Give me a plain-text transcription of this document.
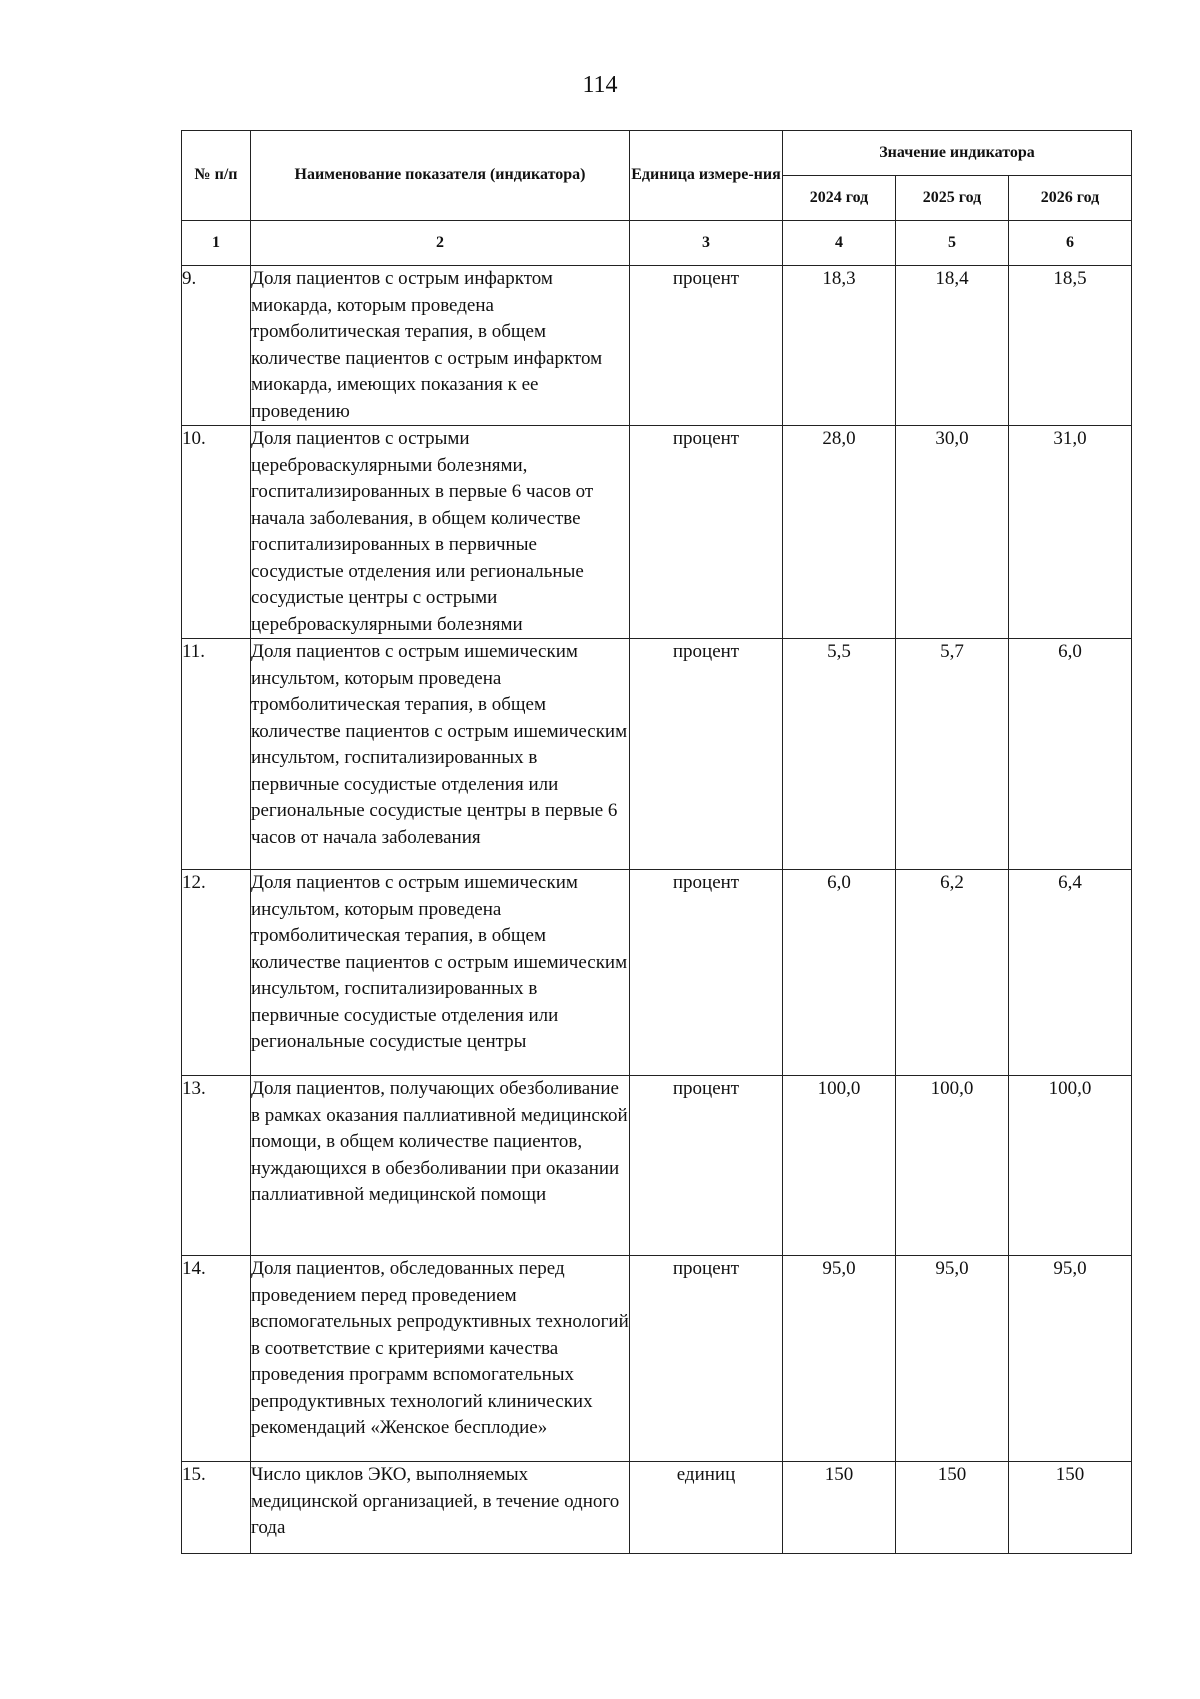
114
№ п/п	Наименование показателя (индикатора)	Единица измере-ния	Значение индикатора		
			2024 год	2025 год	2026 год
1	2	3	4	5	6
9.	Доля пациентов с острым инфарктом миокарда, которым проведена тромболитическая терапия, в общем количестве пациентов с острым инфарктом миокарда, имеющих показания к ее проведению	процент	18,3	18,4	18,5
10.	Доля пациентов с острыми цереброваскулярными болезнями, госпитализированных в первые 6 часов от начала заболевания, в общем количестве госпитализированных в первичные сосудистые отделения или региональные сосудистые центры с острыми цереброваскулярными болезнями	процент	28,0	30,0	31,0
11.	Доля пациентов с острым ишемическим инсультом, которым проведена тромболитическая терапия, в общем количестве пациентов с острым ишемическим инсультом, госпитализированных в первичные сосудистые отделения или региональные сосудистые центры в первые 6 часов от начала заболевания	процент	5,5	5,7	6,0
12.	Доля пациентов с острым ишемическим инсультом, которым проведена тромболитическая терапия, в общем количестве пациентов с острым ишемическим инсультом, госпитализированных в первичные сосудистые отделения или региональные сосудистые центры	процент	6,0	6,2	6,4
13.	Доля пациентов, получающих обезболивание в рамках оказания паллиативной медицинской помощи, в общем количестве пациентов, нуждающихся в обезболивании при оказании паллиативной медицинской помощи	процент	100,0	100,0	100,0
14.	Доля пациентов, обследованных перед проведением перед проведением вспомогательных репродуктивных технологий в соответствие с критериями качества проведения программ вспомогательных репродуктивных технологий клинических рекомендаций «Женское бесплодие»	процент	95,0	95,0	95,0
15.	Число циклов ЭКО, выполняемых медицинской организацией, в течение одного года	единиц	150	150	150
